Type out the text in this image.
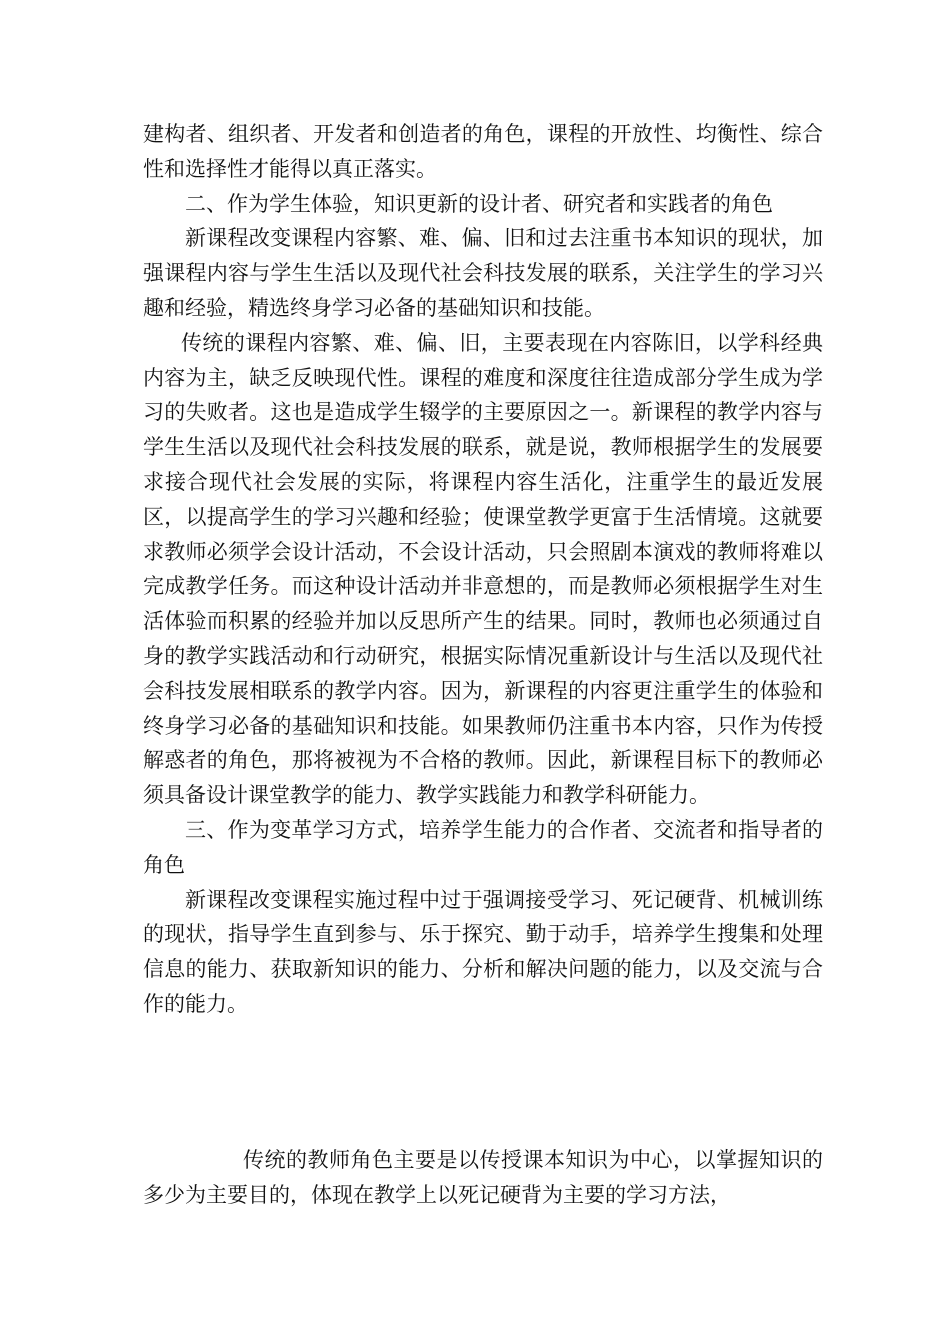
建构者、组织者、开发者和创造者的角色，课程的开放性、均衡性、综合性和选择性才能得以真正落实。

二、作为学生体验，知识更新的设计者、研究者和实践者的角色

新课程改变课程内容繁、难、偏、旧和过去注重书本知识的现状，加强课程内容与学生生活以及现代社会科技发展的联系，关注学生的学习兴趣和经验，精选终身学习必备的基础知识和技能。

传统的课程内容繁、难、偏、旧，主要表现在内容陈旧，以学科经典内容为主，缺乏反映现代性。课程的难度和深度往往造成部分学生成为学习的失败者。这也是造成学生辍学的主要原因之一。新课程的教学内容与学生生活以及现代社会科技发展的联系，就是说，教师根据学生的发展要求接合现代社会发展的实际，将课程内容生活化，注重学生的最近发展区，以提高学生的学习兴趣和经验；使课堂教学更富于生活情境。这就要求教师必须学会设计活动，不会设计活动，只会照剧本演戏的教师将难以完成教学任务。而这种设计活动并非意想的，而是教师必须根据学生对生活体验而积累的经验并加以反思所产生的结果。同时，教师也必须通过自身的教学实践活动和行动研究，根据实际情况重新设计与生活以及现代社会科技发展相联系的教学内容。因为，新课程的内容更注重学生的体验和终身学习必备的基础知识和技能。如果教师仍注重书本内容，只作为传授解惑者的角色，那将被视为不合格的教师。因此，新课程目标下的教师必须具备设计课堂教学的能力、教学实践能力和教学科研能力。

三、作为变革学习方式，培养学生能力的合作者、交流者和指导者的角色

新课程改变课程实施过程中过于强调接受学习、死记硬背、机械训练的现状，指导学生直到参与、乐于探究、勤于动手，培养学生搜集和处理信息的能力、获取新知识的能力、分析和解决问题的能力，以及交流与合作的能力。

传统的教师角色主要是以传授课本知识为中心，以掌握知识的多少为主要目的，体现在教学上以死记硬背为主要的学习方法，
